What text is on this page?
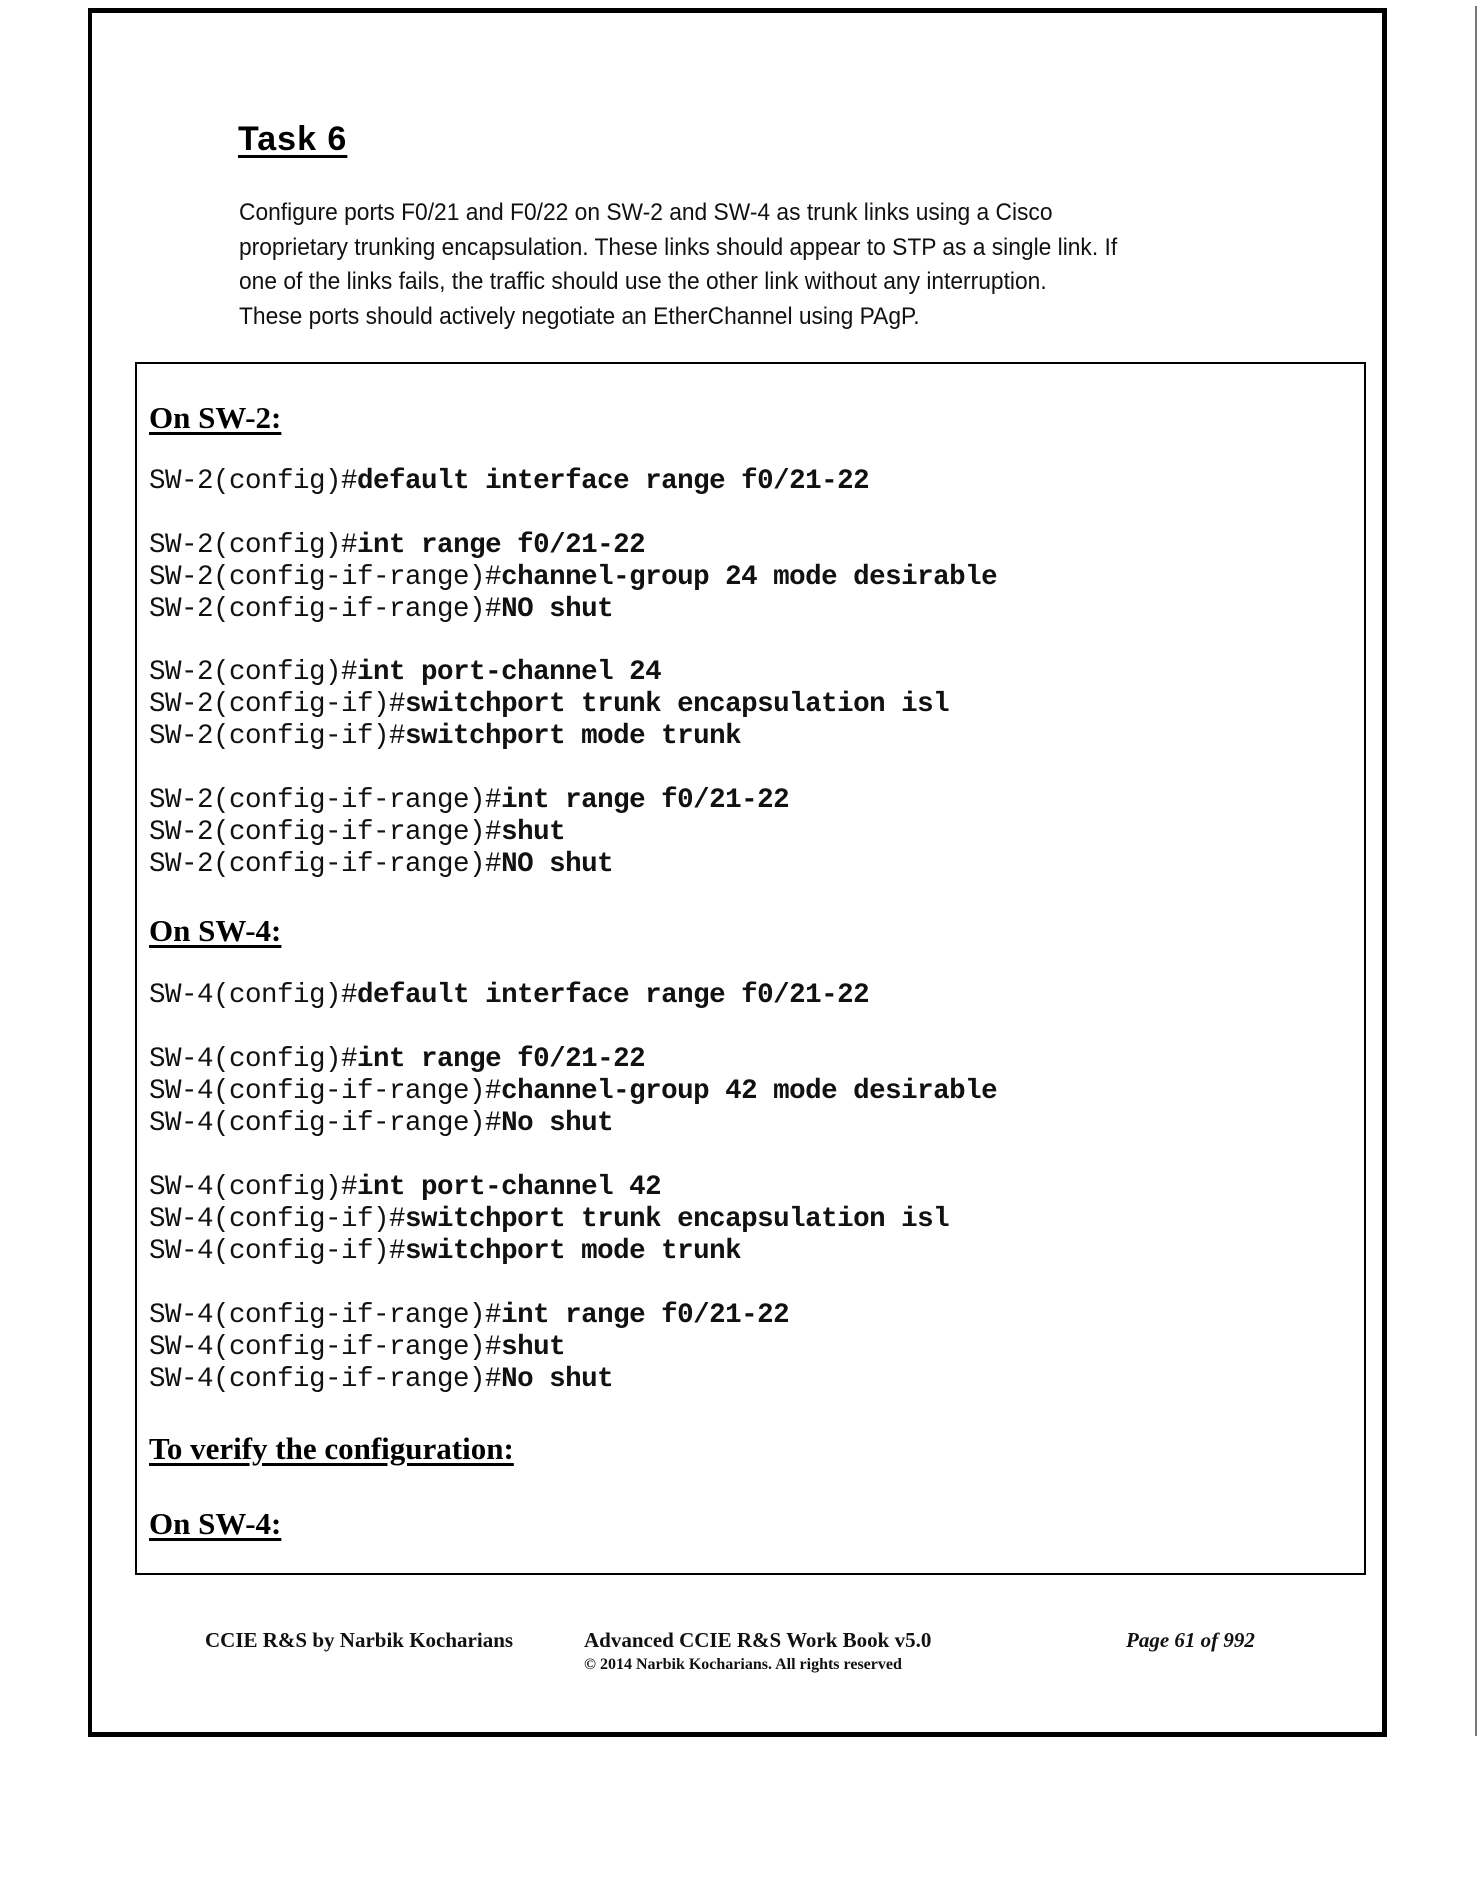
Task 6
Configure ports F0/21 and F0/22 on SW-2 and SW-4 as trunk links using a Cisco
proprietary trunking encapsulation. These links should appear to STP as a single link. If
one of the links fails, the traffic should use the other link without any interruption.
These ports should actively negotiate an EtherChannel using PAgP.
On SW-2:
SW-2(config)#default interface range f0/21-22
SW-2(config)#int range f0/21-22
SW-2(config-if-range)#channel-group 24 mode desirable
SW-2(config-if-range)#NO shut
SW-2(config)#int port-channel 24
SW-2(config-if)#switchport trunk encapsulation isl
SW-2(config-if)#switchport mode trunk
SW-2(config-if-range)#int range f0/21-22
SW-2(config-if-range)#shut
SW-2(config-if-range)#NO shut
On SW-4:
SW-4(config)#default interface range f0/21-22
SW-4(config)#int range f0/21-22
SW-4(config-if-range)#channel-group 42 mode desirable
SW-4(config-if-range)#No shut
SW-4(config)#int port-channel 42
SW-4(config-if)#switchport trunk encapsulation isl
SW-4(config-if)#switchport mode trunk
SW-4(config-if-range)#int range f0/21-22
SW-4(config-if-range)#shut
SW-4(config-if-range)#No shut
To verify the configuration:
On SW-4:
CCIE R&S by Narbik Kocharians	Advanced CCIE R&S Work Book v5.0
© 2014 Narbik Kocharians. All rights reserved
Page 61 of 992
